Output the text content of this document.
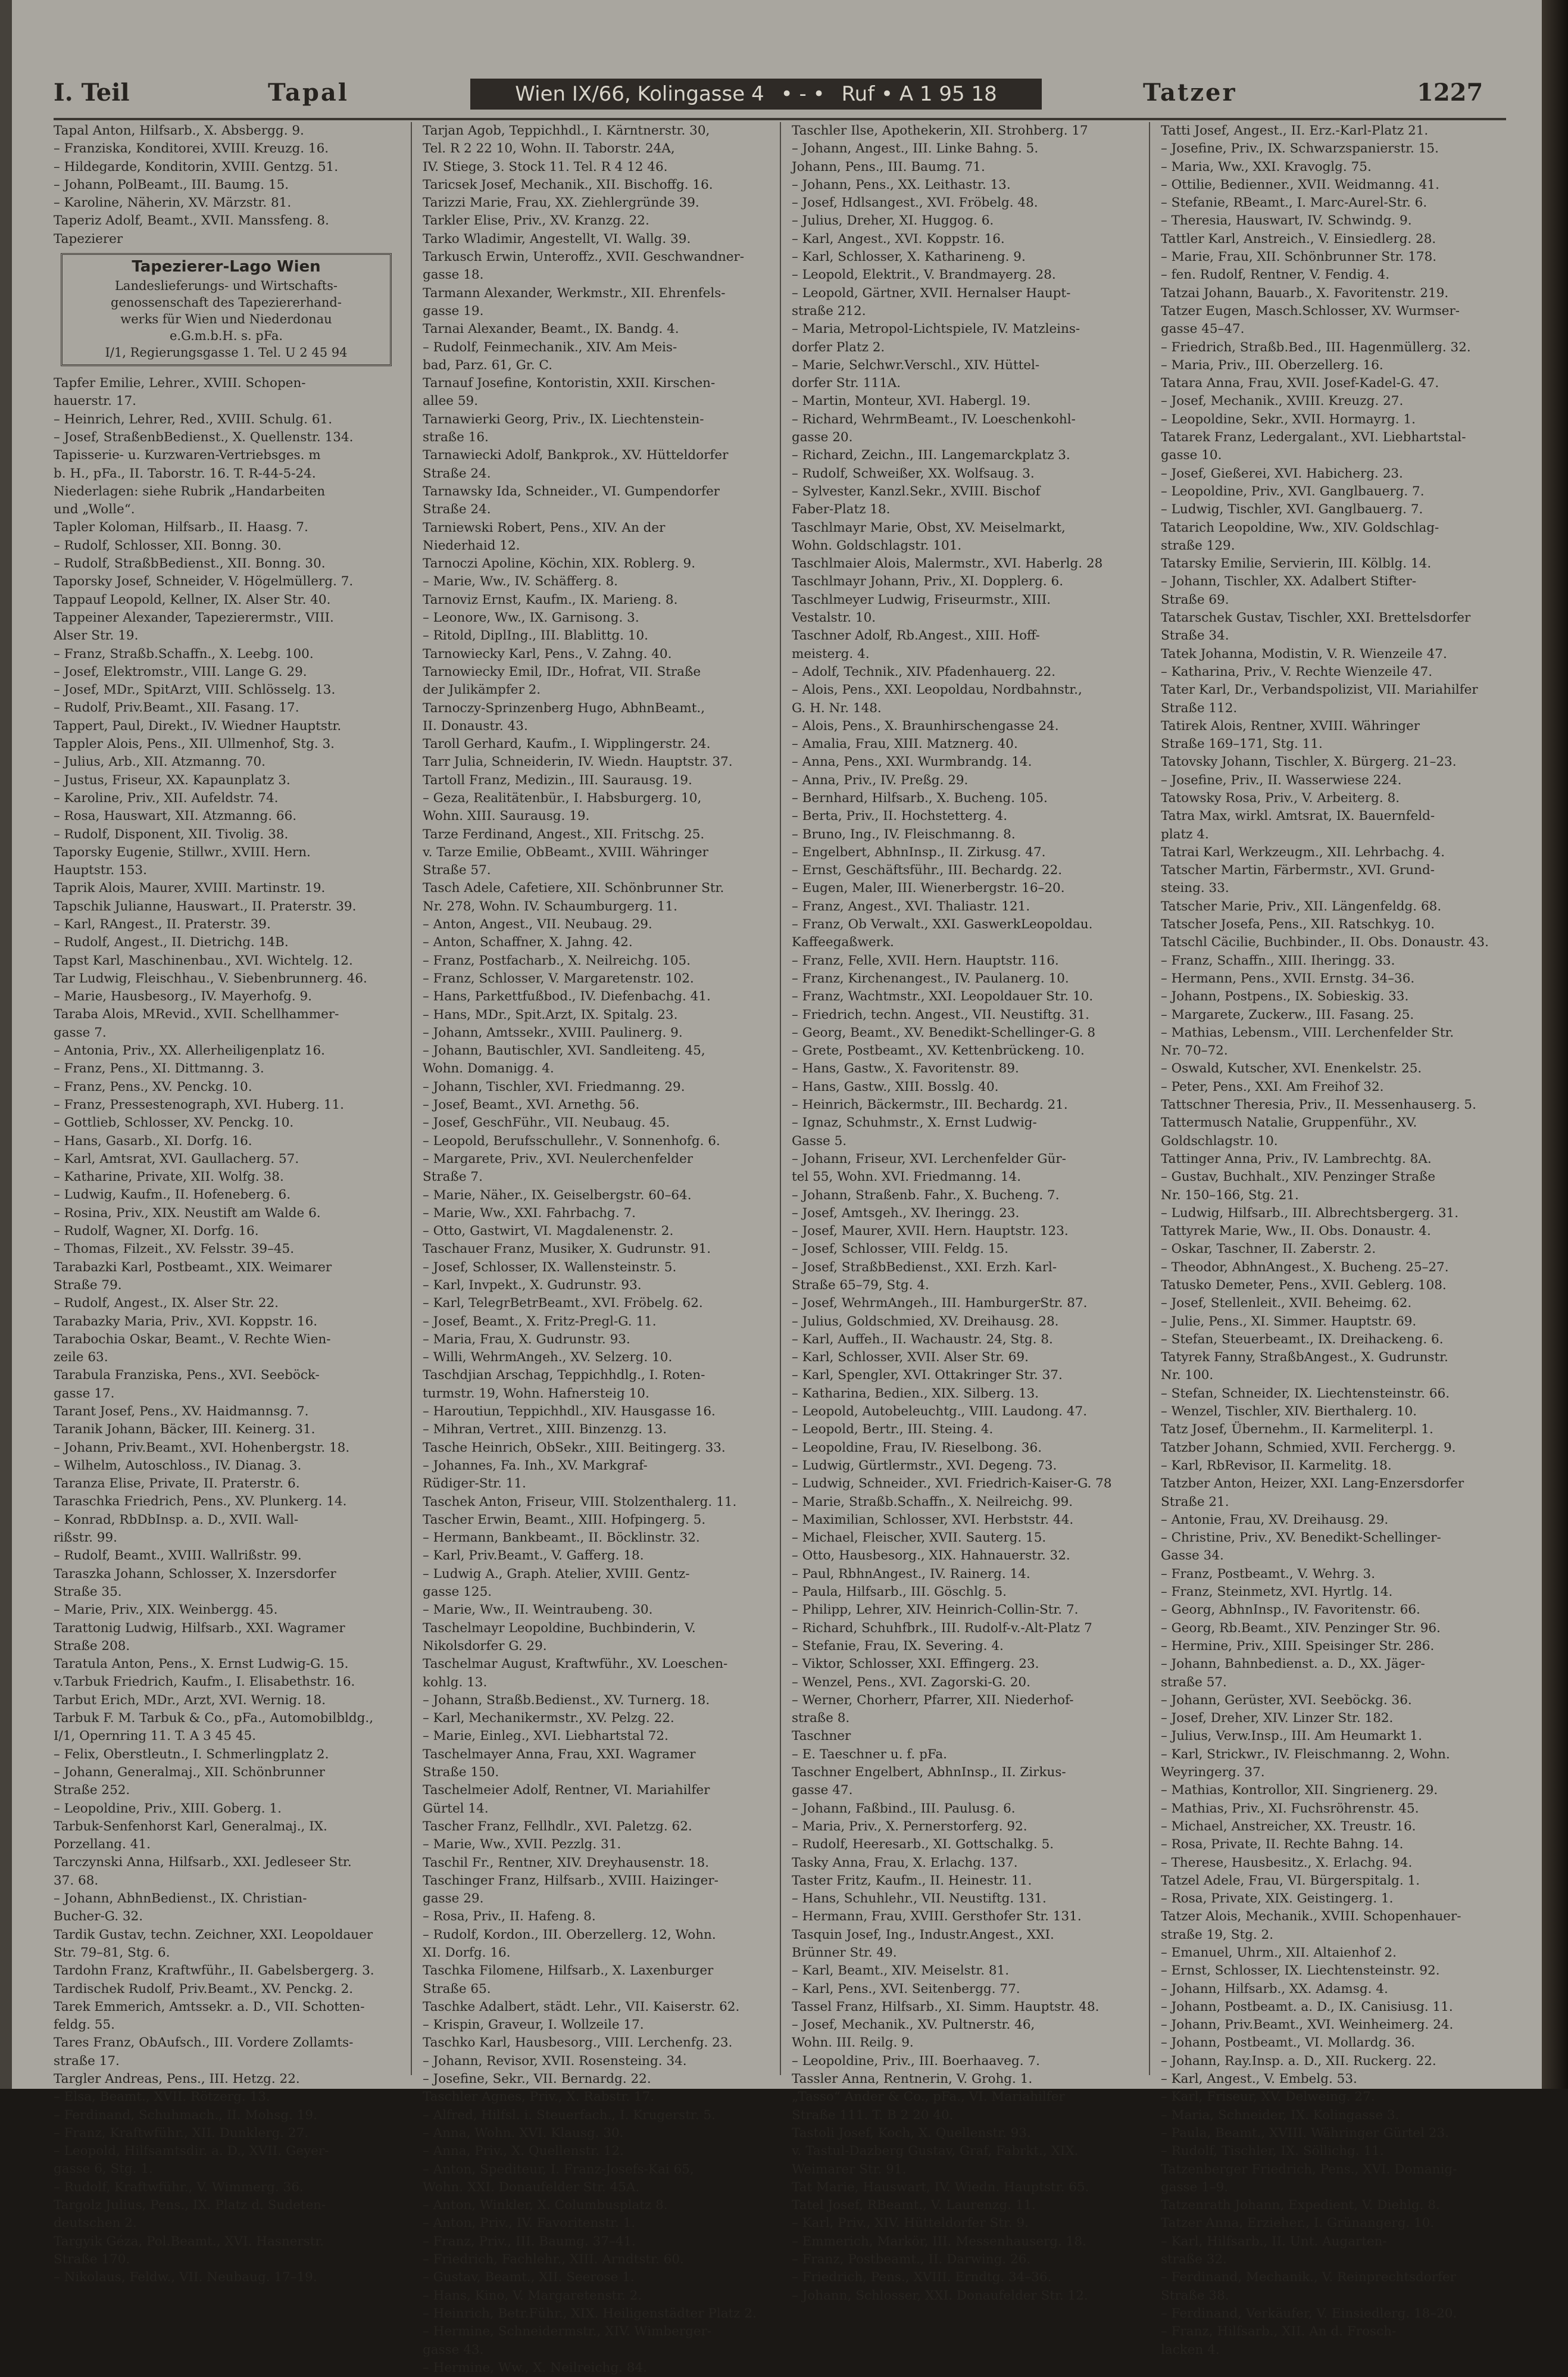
I. Teil	Tapal	Wien IX/66, Kolingasse 4 • - • Ruf • A 1 95 18	Tatzer	1227
Tapal Anton, Hilfsarb., X. Absbergg. 9.
– Franziska, Konditorei, XVIII. Kreuzg. 16.
– Hildegarde, Konditorin, XVIII. Gentzg. 51.
– Johann, PolBeamt., III. Baumg. 15.
– Karoline, Näherin, XV. Märzstr. 81.
Taperiz Adolf, Beamt., XVII. Manssfeng. 8.
Tapezierer
Tapezierer-Lago Wien
Landeslieferungs- und Wirtschafts-
genossenschaft des Tapeziererhand-
werks für Wien und Niederdonau
e.G.m.b.H. s. pFa.
I/1, Regierungsgasse 1. Tel. U 2 45 94
Tapfer Emilie, Lehrer., XVIII. Schopen-
hauerstr. 17.
– Heinrich, Lehrer, Red., XVIII. Schulg. 61.
– Josef, StraßenbBedienst., X. Quellenstr. 134.
Tapisserie- u. Kurzwaren-Vertriebsges. m
b. H., pFa., II. Taborstr. 16. T. R-44-5-24.
Niederlagen: siehe Rubrik „Handarbeiten
und „Wolle“.
Tapler Koloman, Hilfsarb., II. Haasg. 7.
– Rudolf, Schlosser, XII. Bonng. 30.
– Rudolf, StraßbBedienst., XII. Bonng. 30.
Taporsky Josef, Schneider, V. Högelmüllerg. 7.
Tappauf Leopold, Kellner, IX. Alser Str. 40.
Tappeiner Alexander, Tapezierermstr., VIII.
Alser Str. 19.
– Franz, Straßb.Schaffn., X. Leebg. 100.
– Josef, Elektromstr., VIII. Lange G. 29.
– Josef, MDr., SpitArzt, VIII. Schlösselg. 13.
– Rudolf, Priv.Beamt., XII. Fasang. 17.
Tappert, Paul, Direkt., IV. Wiedner Hauptstr.
Tappler Alois, Pens., XII. Ullmenhof, Stg. 3.
– Julius, Arb., XII. Atzmanng. 70.
– Justus, Friseur, XX. Kapaunplatz 3.
– Karoline, Priv., XII. Aufeldstr. 74.
– Rosa, Hauswart, XII. Atzmanng. 66.
– Rudolf, Disponent, XII. Tivolig. 38.
Taporsky Eugenie, Stillwr., XVIII. Hern.
Hauptstr. 153.
Taprik Alois, Maurer, XVIII. Martinstr. 19.
Tapschik Julianne, Hauswart., II. Praterstr. 39.
– Karl, RAngest., II. Praterstr. 39.
– Rudolf, Angest., II. Dietrichg. 14B.
Tapst Karl, Maschinenbau., XVI. Wichtelg. 12.
Tar Ludwig, Fleischhau., V. Siebenbrunnerg. 46.
– Marie, Hausbesorg., IV. Mayerhofg. 9.
Taraba Alois, MRevid., XVII. Schellhammer-
gasse 7.
– Antonia, Priv., XX. Allerheiligenplatz 16.
– Franz, Pens., XI. Dittmanng. 3.
– Franz, Pens., XV. Penckg. 10.
– Franz, Pressestenograph, XVI. Huberg. 11.
– Gottlieb, Schlosser, XV. Penckg. 10.
– Hans, Gasarb., XI. Dorfg. 16.
– Karl, Amtsrat, XVI. Gaullacherg. 57.
– Katharine, Private, XII. Wolfg. 38.
– Ludwig, Kaufm., II. Hofeneberg. 6.
– Rosina, Priv., XIX. Neustift am Walde 6.
– Rudolf, Wagner, XI. Dorfg. 16.
– Thomas, Filzeit., XV. Felsstr. 39–45.
Tarabazki Karl, Postbeamt., XIX. Weimarer
Straße 79.
– Rudolf, Angest., IX. Alser Str. 22.
Tarabazky Maria, Priv., XVI. Koppstr. 16.
Tarabochia Oskar, Beamt., V. Rechte Wien-
zeile 63.
Tarabula Franziska, Pens., XVI. Seeböck-
gasse 17.
Tarant Josef, Pens., XV. Haidmannsg. 7.
Taranik Johann, Bäcker, III. Keinerg. 31.
– Johann, Priv.Beamt., XVI. Hohenbergstr. 18.
– Wilhelm, Autoschloss., IV. Dianag. 3.
Taranza Elise, Private, II. Praterstr. 6.
Taraschka Friedrich, Pens., XV. Plunkerg. 14.
– Konrad, RbDbInsp. a. D., XVII. Wall-
rißstr. 99.
– Rudolf, Beamt., XVIII. Wallrißstr. 99.
Taraszka Johann, Schlosser, X. Inzersdorfer
Straße 35.
– Marie, Priv., XIX. Weinbergg. 45.
Tarattonig Ludwig, Hilfsarb., XXI. Wagramer
Straße 208.
Taratula Anton, Pens., X. Ernst Ludwig-G. 15.
v.Tarbuk Friedrich, Kaufm., I. Elisabethstr. 16.
Tarbut Erich, MDr., Arzt, XVI. Wernig. 18.
Tarbuk F. M. Tarbuk & Co., pFa., Automobilbldg.,
I/1, Opernring 11. T. A 3 45 45.
– Felix, Oberstleutn., I. Schmerlingplatz 2.
– Johann, Generalmaj., XII. Schönbrunner
Straße 252.
– Leopoldine, Priv., XIII. Goberg. 1.
Tarbuk-Senfenhorst Karl, Generalmaj., IX.
Porzellang. 41.
Tarczynski Anna, Hilfsarb., XXI. Jedleseer Str.
37. 68.
– Johann, AbhnBedienst., IX. Christian-
Bucher-G. 32.
Tardik Gustav, techn. Zeichner, XXI. Leopoldauer
Str. 79–81, Stg. 6.
Tardohn Franz, Kraftwführ., II. Gabelsbergerg. 3.
Tardischek Rudolf, Priv.Beamt., XV. Penckg. 2.
Tarek Emmerich, Amtssekr. a. D., VII. Schotten-
feldg. 55.
Tares Franz, ObAufsch., III. Vordere Zollamts-
straße 17.
Targler Andreas, Pens., III. Hetzg. 22.
– Elsa, Beamt., XVII. Rötzerg. 13.
– Ferdinand, Schuhmach., II. Mohsg. 19.
– Franz, Kraftwführ., XII. Dunklerg. 27.
– Leopold, Hilfsamtsdir. a. D., XVII. Geyer-
gasse 6, Stg. 1.
– Rudolf, Kraftwführ., V. Wimmerg. 36.
Targolz Julius, Pens., IX. Platz d. Sudeten-
deutschen 2.
Targyik Géza, Pol.Beamt., XVI. Hasnerstr.
Straße 170.
– Nikolaus, Feldw., VII. Neubaug. 17–19.
Tarjan Agob, Teppichhdl., I. Kärntnerstr. 30,
Tel. R 2 22 10, Wohn. II. Taborstr. 24A,
IV. Stiege, 3. Stock 11. Tel. R 4 12 46.
Taricsek Josef, Mechanik., XII. Bischoffg. 16.
Tarizzi Marie, Frau, XX. Ziehlergründe 39.
Tarkler Elise, Priv., XV. Kranzg. 22.
Tarko Wladimir, Angestellt, VI. Wallg. 39.
Tarkusch Erwin, Unteroffz., XVII. Geschwandner-
gasse 18.
Tarmann Alexander, Werkmstr., XII. Ehrenfels-
gasse 19.
Tarnai Alexander, Beamt., IX. Bandg. 4.
– Rudolf, Feinmechanik., XIV. Am Meis-
bad, Parz. 61, Gr. C.
Tarnauf Josefine, Kontoristin, XXII. Kirschen-
allee 59.
Tarnawierki Georg, Priv., IX. Liechtenstein-
straße 16.
Tarnawiecki Adolf, Bankprok., XV. Hütteldorfer
Straße 24.
Tarnawsky Ida, Schneider., VI. Gumpendorfer
Straße 24.
Tarniewski Robert, Pens., XIV. An der
Niederhaid 12.
Tarnoczi Apoline, Köchin, XIX. Roblerg. 9.
– Marie, Ww., IV. Schäfferg. 8.
Tarnoviz Ernst, Kaufm., IX. Marieng. 8.
– Leonore, Ww., IX. Garnisong. 3.
– Ritold, DiplIng., III. Blablittg. 10.
Tarnowiecky Karl, Pens., V. Zahng. 40.
Tarnowiecky Emil, IDr., Hofrat, VII. Straße
der Julikämpfer 2.
Tarnoczy-Sprinzenberg Hugo, AbhnBeamt.,
II. Donaustr. 43.
Taroll Gerhard, Kaufm., I. Wipplingerstr. 24.
Tarr Julia, Schneiderin, IV. Wiedn. Hauptstr. 37.
Tartoll Franz, Medizin., III. Saurausg. 19.
– Geza, Realitätenbür., I. Habsburgerg. 10,
Wohn. XIII. Saurausg. 19.
Tarze Ferdinand, Angest., XII. Fritschg. 25.
v. Tarze Emilie, ObBeamt., XVIII. Währinger
Straße 57.
Tasch Adele, Cafetiere, XII. Schönbrunner Str.
Nr. 278, Wohn. IV. Schaumburgerg. 11.
– Anton, Angest., VII. Neubaug. 29.
– Anton, Schaffner, X. Jahng. 42.
– Franz, Postfacharb., X. Neilreichg. 105.
– Franz, Schlosser, V. Margaretenstr. 102.
– Hans, Parkettfußbod., IV. Diefenbachg. 41.
– Hans, MDr., Spit.Arzt, IX. Spitalg. 23.
– Johann, Amtssekr., XVIII. Paulinerg. 9.
– Johann, Bautischler, XVI. Sandleiteng. 45,
Wohn. Domanigg. 4.
– Johann, Tischler, XVI. Friedmanng. 29.
– Josef, Beamt., XVI. Arnethg. 56.
– Josef, GeschFühr., VII. Neubaug. 45.
– Leopold, Berufsschullehr., V. Sonnenhofg. 6.
– Margarete, Priv., XVI. Neulerchenfelder
Straße 7.
– Marie, Näher., IX. Geiselbergstr. 60–64.
– Marie, Ww., XXI. Fahrbachg. 7.
– Otto, Gastwirt, VI. Magdalenenstr. 2.
Taschauer Franz, Musiker, X. Gudrunstr. 91.
– Josef, Schlosser, IX. Wallensteinstr. 5.
– Karl, Invpekt., X. Gudrunstr. 93.
– Karl, TelegrBetrBeamt., XVI. Fröbelg. 62.
– Josef, Beamt., X. Fritz-Pregl-G. 11.
– Maria, Frau, X. Gudrunstr. 93.
– Willi, WehrmAngeh., XV. Selzerg. 10.
Taschdjian Arschag, Teppichhdlg., I. Roten-
turmstr. 19, Wohn. Hafnersteig 10.
– Haroutiun, Teppichhdl., XIV. Hausgasse 16.
– Mihran, Vertret., XIII. Binzenzg. 13.
Tasche Heinrich, ObSekr., XIII. Beitingerg. 33.
– Johannes, Fa. Inh., XV. Markgraf-
Rüdiger-Str. 11.
Taschek Anton, Friseur, VIII. Stolzenthalerg. 11.
Tascher Erwin, Beamt., XIII. Hofpingerg. 5.
– Hermann, Bankbeamt., II. Böcklinstr. 32.
– Karl, Priv.Beamt., V. Gafferg. 18.
– Ludwig A., Graph. Atelier, XVIII. Gentz-
gasse 125.
– Marie, Ww., II. Weintraubeng. 30.
Taschelmayr Leopoldine, Buchbinderin, V.
Nikolsdorfer G. 29.
Taschelmar August, Kraftwführ., XV. Loeschen-
kohlg. 13.
– Johann, Straßb.Bedienst., XV. Turnerg. 18.
– Karl, Mechanikermstr., XV. Pelzg. 22.
– Marie, Einleg., XVI. Liebhartstal 72.
Taschelmayer Anna, Frau, XXI. Wagramer
Straße 150.
Taschelmeier Adolf, Rentner, VI. Mariahilfer
Gürtel 14.
Tascher Franz, Fellhdlr., XVI. Paletzg. 62.
– Marie, Ww., XVII. Pezzlg. 31.
Taschil Fr., Rentner, XIV. Dreyhausenstr. 18.
Taschinger Franz, Hilfsarb., XVIII. Haizinger-
gasse 29.
– Rosa, Priv., II. Hafeng. 8.
– Rudolf, Kordon., III. Oberzellerg. 12, Wohn.
XI. Dorfg. 16.
Taschka Filomene, Hilfsarb., X. Laxenburger
Straße 65.
Taschke Adalbert, städt. Lehr., VII. Kaiserstr. 62.
– Krispin, Graveur, I. Wollzeile 17.
Taschko Karl, Hausbesorg., VIII. Lerchenfg. 23.
– Johann, Revisor, XVII. Rosensteing. 34.
– Josefine, Sekr., VII. Bernardg. 22.
Taschler Agnes, Priv., X. Rabstr. 17.
– Alfred, Hilfsl. i. Steuerfach., I. Krugerstr. 5.
– Anna, Wohn. XVI. Klausg. 30.
– Anna, Priv., X. Quellenstr. 12.
– Anton, Spediteur, I. Franz-Josefs-Kai 65,
Wohn. XXI. Donaufelder Str. 45A.
– Anton, Winkler, X. Columbusplatz 8.
– Anton, Priv., IV. Favoritenstr. 1.
– Franz, Priv., III. Baumg. 37–41.
– Friedrich, Fachlehr., XIII. Arndtstr. 60.
– Gustav, Beamt., XII. Seerose 1.
– Hans, Kino, V. Margaretenstr. 2.
– Heinrich, Betr.Führ., XIX. Heiligenstädter Platz 2.
– Hermine, Schneidermstr., XIV. Wimberger-
gasse 43.
– Hermine, Ww., X. Neilreichg. 84.
Taschler Ilse, Apothekerin, XII. Strohberg. 17
– Johann, Angest., III. Linke Bahng. 5.
Johann, Pens., III. Baumg. 71.
– Johann, Pens., XX. Leithastr. 13.
– Josef, Hdlsangest., XVI. Fröbelg. 48.
– Julius, Dreher, XI. Huggog. 6.
– Karl, Angest., XVI. Koppstr. 16.
– Karl, Schlosser, X. Katharineng. 9.
– Leopold, Elektrit., V. Brandmayerg. 28.
– Leopold, Gärtner, XVII. Hernalser Haupt-
straße 212.
– Maria, Metropol-Lichtspiele, IV. Matzleins-
dorfer Platz 2.
– Marie, Selchwr.Verschl., XIV. Hüttel-
dorfer Str. 111A.
– Martin, Monteur, XVI. Habergl. 19.
– Richard, WehrmBeamt., IV. Loeschenkohl-
gasse 20.
– Richard, Zeichn., III. Langemarckplatz 3.
– Rudolf, Schweißer, XX. Wolfsaug. 3.
– Sylvester, Kanzl.Sekr., XVIII. Bischof
Faber-Platz 18.
Taschlmayr Marie, Obst, XV. Meiselmarkt,
Wohn. Goldschlagstr. 101.
Taschlmaier Alois, Malermstr., XVI. Haberlg. 28
Taschlmayr Johann, Priv., XI. Dopplerg. 6.
Taschlmeyer Ludwig, Friseurmstr., XIII.
Vestalstr. 10.
Taschner Adolf, Rb.Angest., XIII. Hoff-
meisterg. 4.
– Adolf, Technik., XIV. Pfadenhauerg. 22.
– Alois, Pens., XXI. Leopoldau, Nordbahnstr.,
G. H. Nr. 148.
– Alois, Pens., X. Braunhirschengasse 24.
– Amalia, Frau, XIII. Matznerg. 40.
– Anna, Pens., XXI. Wurmbrandg. 14.
– Anna, Priv., IV. Preßg. 29.
– Bernhard, Hilfsarb., X. Bucheng. 105.
– Berta, Priv., II. Hochstetterg. 4.
– Bruno, Ing., IV. Fleischmanng. 8.
– Engelbert, AbhnInsp., II. Zirkusg. 47.
– Ernst, Geschäftsführ., III. Bechardg. 22.
– Eugen, Maler, III. Wienerbergstr. 16–20.
– Franz, Angest., XVI. Thaliastr. 121.
– Franz, Ob Verwalt., XXI. GaswerkLeopoldau.
Kaffeegaßwerk.
– Franz, Felle, XVII. Hern. Hauptstr. 116.
– Franz, Kirchenangest., IV. Paulanerg. 10.
– Franz, Wachtmstr., XXI. Leopoldauer Str. 10.
– Friedrich, techn. Angest., VII. Neustiftg. 31.
– Georg, Beamt., XV. Benedikt-Schellinger-G. 8
– Grete, Postbeamt., XV. Kettenbrückeng. 10.
– Hans, Gastw., X. Favoritenstr. 89.
– Hans, Gastw., XIII. Bosslg. 40.
– Heinrich, Bäckermstr., III. Bechardg. 21.
– Ignaz, Schuhmstr., X. Ernst Ludwig-
Gasse 5.
– Johann, Friseur, XVI. Lerchenfelder Gür-
tel 55, Wohn. XVI. Friedmanng. 14.
– Johann, Straßenb. Fahr., X. Bucheng. 7.
– Josef, Amtsgeh., XV. Iheringg. 23.
– Josef, Maurer, XVII. Hern. Hauptstr. 123.
– Josef, Schlosser, VIII. Feldg. 15.
– Josef, StraßbBedienst., XXI. Erzh. Karl-
Straße 65–79, Stg. 4.
– Josef, WehrmAngeh., III. HamburgerStr. 87.
– Julius, Goldschmied, XV. Dreihausg. 28.
– Karl, Auffeh., II. Wachaustr. 24, Stg. 8.
– Karl, Schlosser, XVII. Alser Str. 69.
– Karl, Spengler, XVI. Ottakringer Str. 37.
– Katharina, Bedien., XIX. Silberg. 13.
– Leopold, Autobeleuchtg., VIII. Laudong. 47.
– Leopold, Bertr., III. Steing. 4.
– Leopoldine, Frau, IV. Rieselbong. 36.
– Ludwig, Gürtlermstr., XVI. Degeng. 73.
– Ludwig, Schneider., XVI. Friedrich-Kaiser-G. 78
– Marie, Straßb.Schaffn., X. Neilreichg. 99.
– Maximilian, Schlosser, XVI. Herbststr. 44.
– Michael, Fleischer, XVII. Sauterg. 15.
– Otto, Hausbesorg., XIX. Hahnauerstr. 32.
– Paul, RbhnAngest., IV. Rainerg. 14.
– Paula, Hilfsarb., III. Göschlg. 5.
– Philipp, Lehrer, XIV. Heinrich-Collin-Str. 7.
– Richard, Schuhfbrk., III. Rudolf-v.-Alt-Platz 7
– Stefanie, Frau, IX. Severing. 4.
– Viktor, Schlosser, XXI. Effingerg. 23.
– Wenzel, Pens., XVI. Zagorski-G. 20.
– Werner, Chorherr, Pfarrer, XII. Niederhof-
straße 8.
Taschner
– E. Taeschner u. f. pFa.
Taschner Engelbert, AbhnInsp., II. Zirkus-
gasse 47.
– Johann, Faßbind., III. Paulusg. 6.
– Maria, Priv., X. Pernerstorferg. 92.
– Rudolf, Heeresarb., XI. Gottschalkg. 5.
Tasky Anna, Frau, X. Erlachg. 137.
Taster Fritz, Kaufm., II. Heinestr. 11.
– Hans, Schuhlehr., VII. Neustiftg. 131.
– Hermann, Frau, XVIII. Gersthofer Str. 131.
Tasquin Josef, Ing., Industr.Angest., XXI.
Brünner Str. 49.
– Karl, Beamt., XIV. Meiselstr. 81.
– Karl, Pens., XVI. Seitenbergg. 77.
Tassel Franz, Hilfsarb., XI. Simm. Hauptstr. 48.
– Josef, Mechanik., XV. Pultnerstr. 46,
Wohn. III. Reilg. 9.
– Leopoldine, Priv., III. Boerhaaveg. 7.
Tassler Anna, Rentnerin, V. Grohg. 1.
„Tasso“ Ander & Co., pFa., VI. Mariahilfer
Straße 111. T. B 2 20 40.
Tastoli Josef, Koch, X. Quellenstr. 93.
v. Tastul-Dazberg Gustav, Graf, Fabrkt., XIX.
Weimarer Str. 91.
Tat Marie, Hauswart, IV. Wiedn. Hauptstr. 65.
Tatel Josef, RBeamt., V. Laurenzg. 11.
– Karl, Priv., XIV. Hütteldorfer Str. 9.
– Emmerich, Markör, III. Messenhauserg. 18.
– Franz, Postbeamt., II. Darwing. 26.
– Friedrich, Pens., XVIII. Erndtg. 34–36.
– Johann, Schlosser, XXI. Donaufelder Str. 12.
Tatti Josef, Angest., II. Erz.-Karl-Platz 21.
– Josefine, Priv., IX. Schwarzspanierstr. 15.
– Maria, Ww., XXI. Kravoglg. 75.
– Ottilie, Bedienner., XVII. Weidmanng. 41.
– Stefanie, RBeamt., I. Marc-Aurel-Str. 6.
– Theresia, Hauswart, IV. Schwindg. 9.
Tattler Karl, Anstreich., V. Einsiedlerg. 28.
– Marie, Frau, XII. Schönbrunner Str. 178.
– fen. Rudolf, Rentner, V. Fendig. 4.
Tatzai Johann, Bauarb., X. Favoritenstr. 219.
Tatzer Eugen, Masch.Schlosser, XV. Wurmser-
gasse 45–47.
– Friedrich, Straßb.Bed., III. Hagenmüllerg. 32.
– Maria, Priv., III. Oberzellerg. 16.
Tatara Anna, Frau, XVII. Josef-Kadel-G. 47.
– Josef, Mechanik., XVIII. Kreuzg. 27.
– Leopoldine, Sekr., XVII. Hormayrg. 1.
Tatarek Franz, Ledergalant., XVI. Liebhartstal-
gasse 10.
– Josef, Gießerei, XVI. Habicherg. 23.
– Leopoldine, Priv., XVI. Ganglbauerg. 7.
– Ludwig, Tischler, XVI. Ganglbauerg. 7.
Tatarich Leopoldine, Ww., XIV. Goldschlag-
straße 129.
Tatarsky Emilie, Servierin, III. Kölblg. 14.
– Johann, Tischler, XX. Adalbert Stifter-
Straße 69.
Tatarschek Gustav, Tischler, XXI. Brettelsdorfer
Straße 34.
Tatek Johanna, Modistin, V. R. Wienzeile 47.
– Katharina, Priv., V. Rechte Wienzeile 47.
Tater Karl, Dr., Verbandspolizist, VII. Mariahilfer
Straße 112.
Tatirek Alois, Rentner, XVIII. Währinger
Straße 169–171, Stg. 11.
Tatovsky Johann, Tischler, X. Bürgerg. 21–23.
– Josefine, Priv., II. Wasserwiese 224.
Tatowsky Rosa, Priv., V. Arbeiterg. 8.
Tatra Max, wirkl. Amtsrat, IX. Bauernfeld-
platz 4.
Tatrai Karl, Werkzeugm., XII. Lehrbachg. 4.
Tatscher Martin, Färbermstr., XVI. Grund-
steing. 33.
Tatscher Marie, Priv., XII. Längenfeldg. 68.
Tatscher Josefa, Pens., XII. Ratschkyg. 10.
Tatschl Cäcilie, Buchbinder., II. Obs. Donaustr. 43.
– Franz, Schaffn., XIII. Iheringg. 33.
– Hermann, Pens., XVII. Ernstg. 34–36.
– Johann, Postpens., IX. Sobieskig. 33.
– Margarete, Zuckerw., III. Fasang. 25.
– Mathias, Lebensm., VIII. Lerchenfelder Str.
Nr. 70–72.
– Oswald, Kutscher, XVI. Enenkelstr. 25.
– Peter, Pens., XXI. Am Freihof 32.
Tattschner Theresia, Priv., II. Messenhauserg. 5.
Tattermusch Natalie, Gruppenführ., XV.
Goldschlagstr. 10.
Tattinger Anna, Priv., IV. Lambrechtg. 8A.
– Gustav, Buchhalt., XIV. Penzinger Straße
Nr. 150–166, Stg. 21.
– Ludwig, Hilfsarb., III. Albrechtsbergerg. 31.
Tattyrek Marie, Ww., II. Obs. Donaustr. 4.
– Oskar, Taschner, II. Zaberstr. 2.
– Theodor, AbhnAngest., X. Bucheng. 25–27.
Tatusko Demeter, Pens., XVII. Geblerg. 108.
– Josef, Stellenleit., XVII. Beheimg. 62.
– Julie, Pens., XI. Simmer. Hauptstr. 69.
– Stefan, Steuerbeamt., IX. Dreihackeng. 6.
Tatyrek Fanny, StraßbAngest., X. Gudrunstr.
Nr. 100.
– Stefan, Schneider, IX. Liechtensteinstr. 66.
– Wenzel, Tischler, XIV. Bierthalerg. 10.
Tatz Josef, Übernehm., II. Karmeliterpl. 1.
Tatzber Johann, Schmied, XVII. Ferchergg. 9.
– Karl, RbRevisor, II. Karmelitg. 18.
Tatzber Anton, Heizer, XXI. Lang-Enzersdorfer
Straße 21.
– Antonie, Frau, XV. Dreihausg. 29.
– Christine, Priv., XV. Benedikt-Schellinger-
Gasse 34.
– Franz, Postbeamt., V. Wehrg. 3.
– Franz, Steinmetz, XVI. Hyrtlg. 14.
– Georg, AbhnInsp., IV. Favoritenstr. 66.
– Georg, Rb.Beamt., XIV. Penzinger Str. 96.
– Hermine, Priv., XIII. Speisinger Str. 286.
– Johann, Bahnbedienst. a. D., XX. Jäger-
straße 57.
– Johann, Gerüster, XVI. Seeböckg. 36.
– Josef, Dreher, XIV. Linzer Str. 182.
– Julius, Verw.Insp., III. Am Heumarkt 1.
– Karl, Strickwr., IV. Fleischmanng. 2, Wohn.
Weyringerg. 37.
– Mathias, Kontrollor, XII. Singrienerg. 29.
– Mathias, Priv., XI. Fuchsröhrenstr. 45.
– Michael, Anstreicher, XX. Treustr. 16.
– Rosa, Private, II. Rechte Bahng. 14.
– Therese, Hausbesitz., X. Erlachg. 94.
Tatzel Adele, Frau, VI. Bürgerspitalg. 1.
– Rosa, Private, XIX. Geistingerg. 1.
Tatzer Alois, Mechanik., XVIII. Schopenhauer-
straße 19, Stg. 2.
– Emanuel, Uhrm., XII. Altaienhof 2.
– Ernst, Schlosser, IX. Liechtensteinstr. 92.
– Johann, Hilfsarb., XX. Adamsg. 4.
– Johann, Postbeamt. a. D., IX. Canisiusg. 11.
– Johann, Priv.Beamt., XVI. Weinheimerg. 24.
– Johann, Postbeamt., VI. Mollardg. 36.
– Johann, Ray.Insp. a. D., XII. Ruckerg. 22.
– Karl, Angest., V. Embelg. 53.
– Karl, Friseur, XV. Delweing. 27.
– Maria, Schneider, IX. Kolingasse 3.
– Paula, Beamt., XVIII. Währinger Gürtel 23.
– Rudolf, Tischler, IX. Söllichg. 11.
Tatzenberger Friedrich, Pens., XVI. Domanig-
gasse 1–9.
Tatzenrath Johann, Expedient, V. Diehlg. 8.
Tatzer Anna, Erzieher., I. Grünangerg. 10.
– Karl, Hilfsarb., II. Unt. Augarten-
straße 32.
– Ferdinand, Mechanik., V. Reinprechtsdorfer
Straße 38.
– Ferdinand, Verkäufer, V. Einsiedlerg. 18–20.
– Franz, Hilfsarb., XII. An d. Frosch-
lacken 4.
